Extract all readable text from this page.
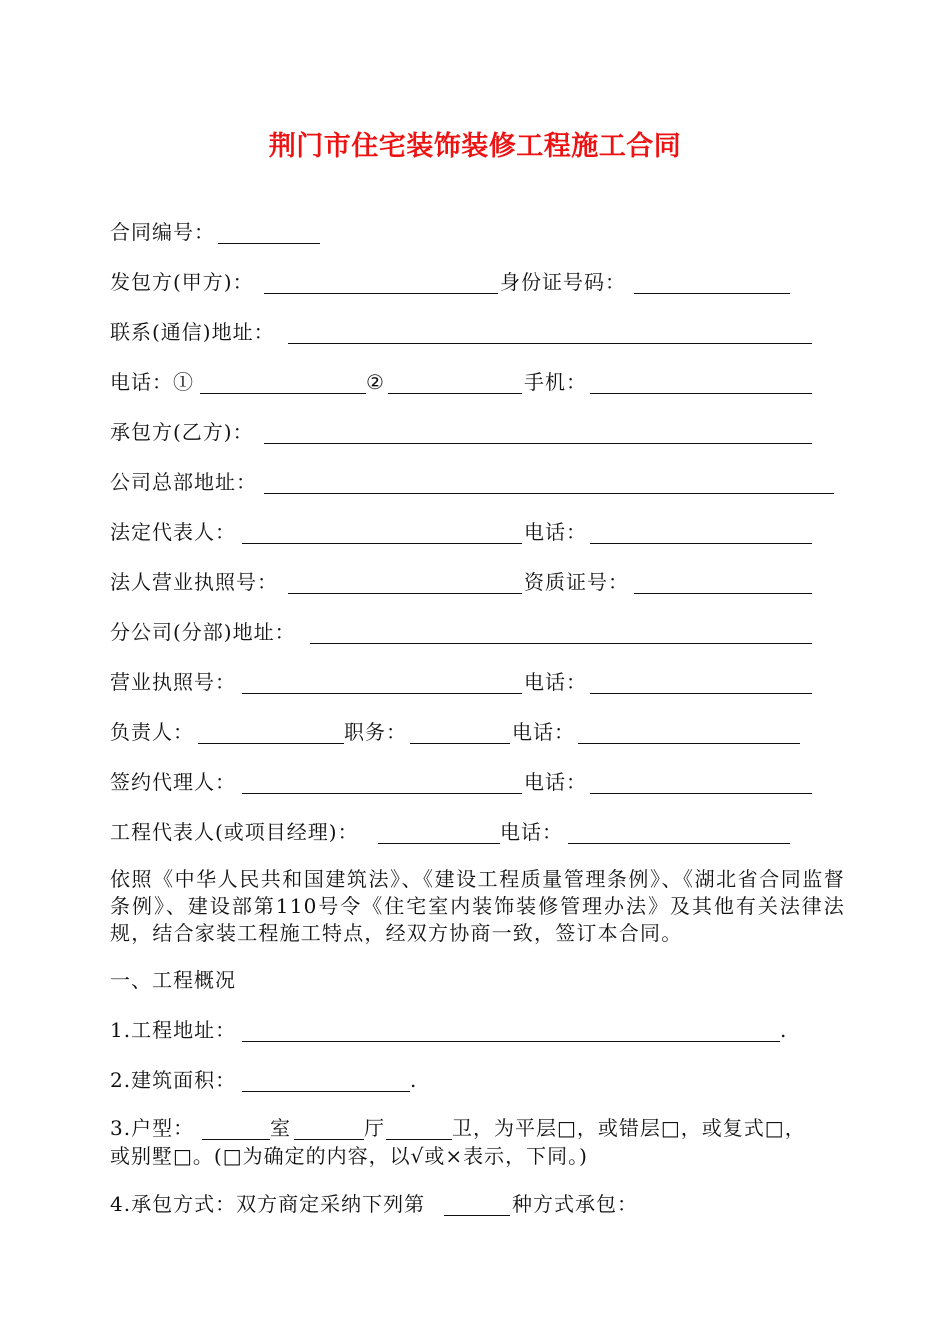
荆门市住宅装饰装修工程施工合同
合同编号：
发包方(甲方)：	身份证号码：
联系(通信)地址：
电话：①	②	手机：
承包方(乙方)：
公司总部地址：
法定代表人：	电话：
法人营业执照号：	资质证号：
分公司(分部)地址：
营业执照号：	电话：
负责人：	职务：	电话：
签约代理人：	电话：
工程代表人(或项目经理)：	电话：
依照《中华人民共和国建筑法》、《建设工程质量管理条例》、《湖北省合同监督条例》、建设部第110号令《住宅室内装饰装修管理办法》及其他有关法律法规，结合家装工程施工特点，经双方协商一致，签订本合同。
一、工程概况
1.工程地址：	.
2.建筑面积：	.
3.户型：	室	厅	卫，为平层□，或错层□，或复式□，
或别墅□。(□为确定的内容，以√或×表示，下同。)
4.承包方式：双方商定采纳下列第	种方式承包：
